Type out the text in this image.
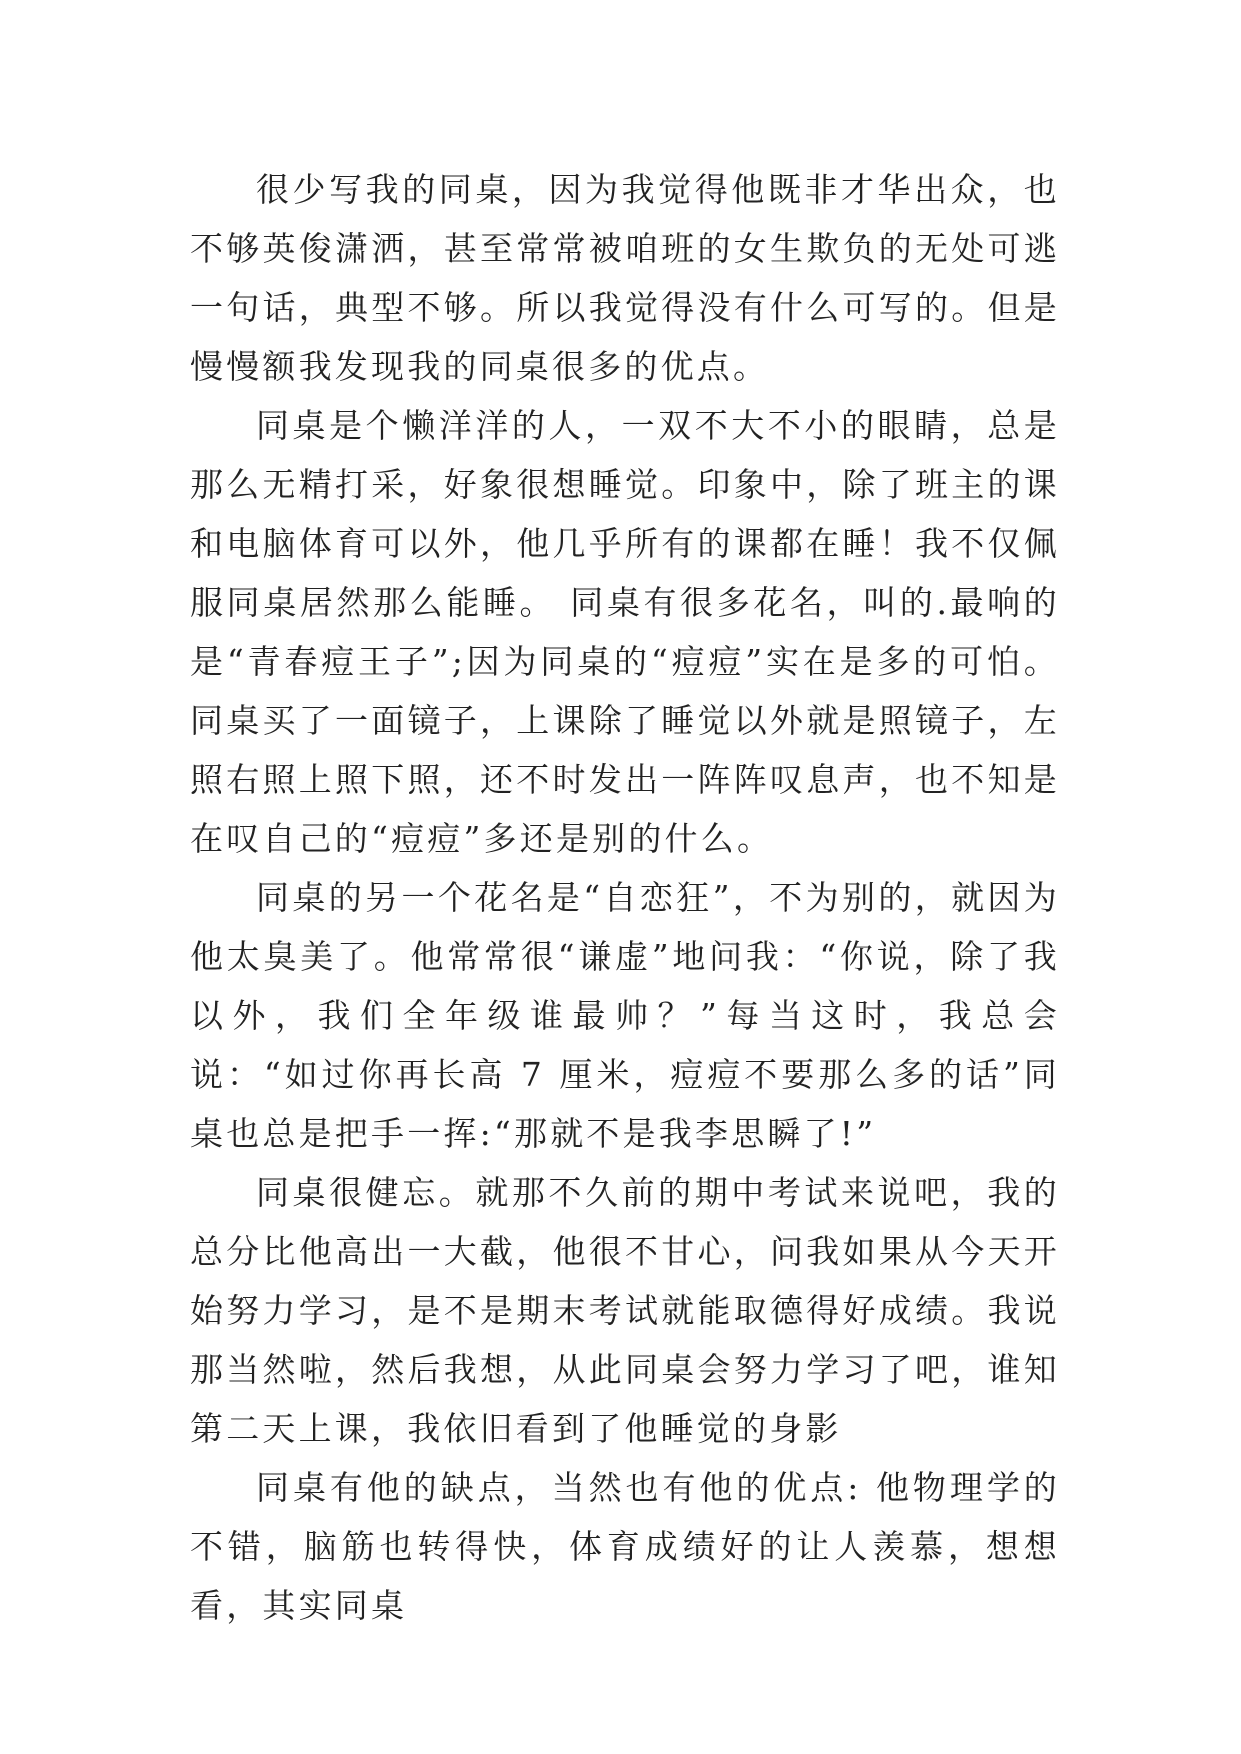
很少写我的同桌，因为我觉得他既非才华出众，也不够英俊潇洒，甚至常常被咱班的女生欺负的无处可逃一句话，典型不够。所以我觉得没有什么可写的。但是慢慢额我发现我的同桌很多的优点。

同桌是个懒洋洋的人，一双不大不小的眼睛，总是那么无精打采，好象很想睡觉。印象中，除了班主的课和电脑体育可以外，他几乎所有的课都在睡！我不仅佩服同桌居然那么能睡。 同桌有很多花名，叫的.最响的是“青春痘王子”;因为同桌的“痘痘”实在是多的可怕。同桌买了一面镜子，上课除了睡觉以外就是照镜子，左照右照上照下照，还不时发出一阵阵叹息声，也不知是在叹自己的“痘痘”多还是别的什么。

同桌的另一个花名是“自恋狂”，不为别的，就因为他太臭美了。他常常很“谦虚”地问我：“你说，除了我以外，我们全年级谁最帅？”每当这时，我总会说：“如过你再长高 7 厘米，痘痘不要那么多的话”同桌也总是把手一挥:“那就不是我李思瞬了!”

同桌很健忘。就那不久前的期中考试来说吧，我的总分比他高出一大截，他很不甘心，问我如果从今天开始努力学习，是不是期末考试就能取德得好成绩。我说那当然啦，然后我想，从此同桌会努力学习了吧，谁知第二天上课，我依旧看到了他睡觉的身影

同桌有他的缺点，当然也有他的优点: 他物理学的不错，脑筋也转得快，体育成绩好的让人羡慕，想想看，其实同桌
